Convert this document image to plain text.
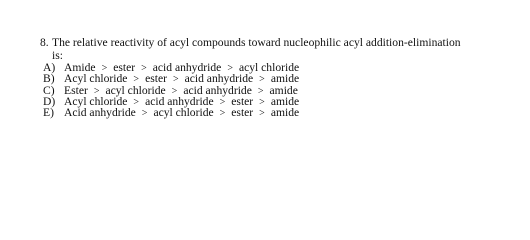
8. The relative reactivity of acyl compounds toward nucleophilic acyl addition-elimination
is:
A) Amide > ester > acid anhydride > acyl chloride
B) Acyl chloride > ester > acid anhydride > amide
C) Ester > acyl chloride > acid anhydride > amide
D) Acyl chloride > acid anhydride > ester > amide
E) Acid anhydride > acyl chloride > ester > amide
